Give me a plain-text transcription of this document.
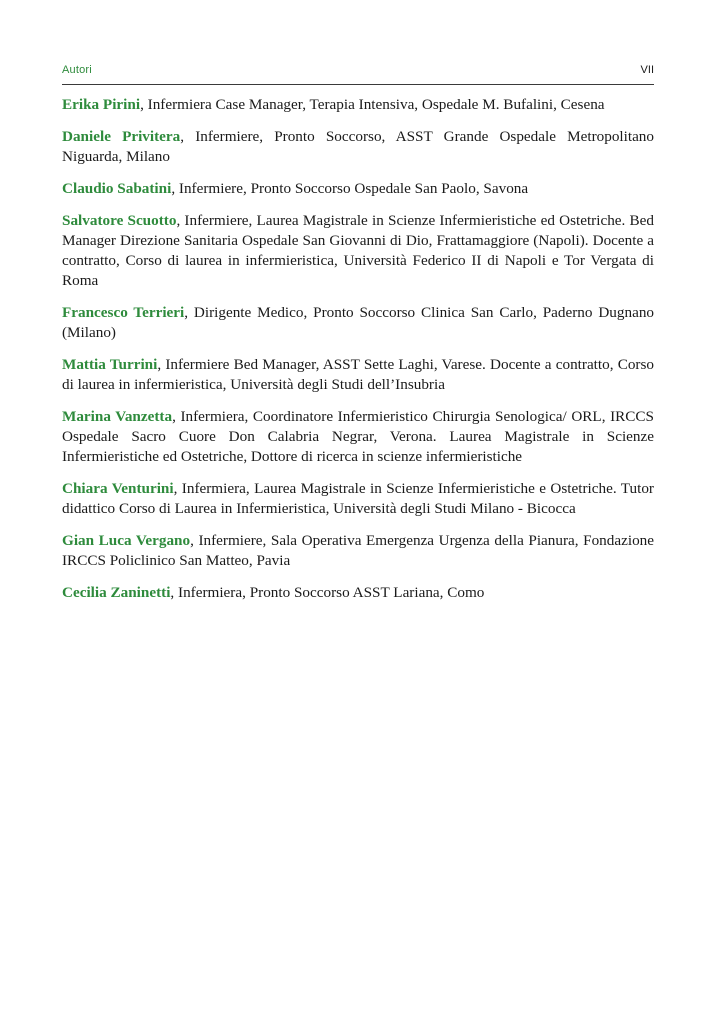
Autori	VII

Erika Pirini, Infermiera Case Manager, Terapia Intensiva, Ospedale M. Bufalini, Cesena

Daniele Privitera, Infermiere, Pronto Soccorso, ASST Grande Ospedale Metropolitano Niguarda, Milano

Claudio Sabatini, Infermiere, Pronto Soccorso Ospedale San Paolo, Savona

Salvatore Scuotto, Infermiere, Laurea Magistrale in Scienze Infermieristiche ed Ostetriche. Bed Manager Direzione Sanitaria Ospedale San Giovanni di Dio, Frattamaggiore (Napoli). Docente a contratto, Corso di laurea in infermieristica, Università Federico II di Napoli e Tor Vergata di Roma

Francesco Terrieri, Dirigente Medico, Pronto Soccorso Clinica San Carlo, Paderno Dugnano (Milano)

Mattia Turrini, Infermiere Bed Manager, ASST Sette Laghi, Varese. Docente a contratto, Corso di laurea in infermieristica, Università degli Studi dell’Insubria

Marina Vanzetta, Infermiera, Coordinatore Infermieristico Chirurgia Senologica/ ORL, IRCCS Ospedale Sacro Cuore Don Calabria Negrar, Verona. Laurea Magistrale in Scienze Infermieristiche ed Ostetriche, Dottore di ricerca in scienze infermieristiche

Chiara Venturini, Infermiera, Laurea Magistrale in Scienze Infermieristiche e Ostetriche. Tutor didattico Corso di Laurea in Infermieristica, Università degli Studi Milano - Bicocca

Gian Luca Vergano, Infermiere, Sala Operativa Emergenza Urgenza della Pianura, Fondazione IRCCS Policlinico San Matteo, Pavia

Cecilia Zaninetti, Infermiera, Pronto Soccorso ASST Lariana, Como
